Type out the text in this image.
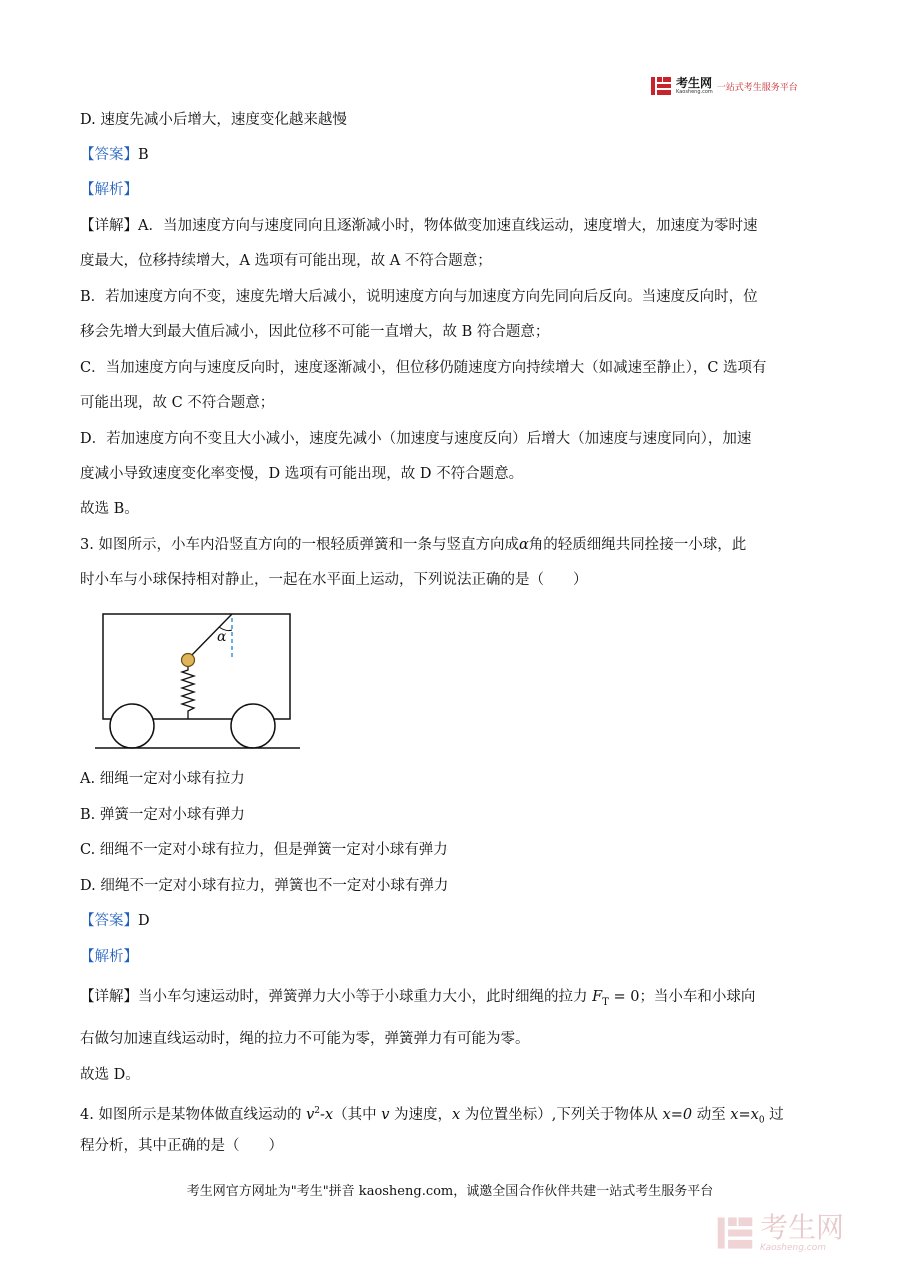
考生网
Kaosheng.com 一站式考生服务平台
D. 速度先减小后增大，速度变化越来越慢
【答案】B
【解析】
【详解】A．当加速度方向与速度同向且逐渐减小时，物体做变加速直线运动，速度增大，加速度为零时速
度最大，位移持续增大，A 选项有可能出现，故 A 不符合题意；
B．若加速度方向不变，速度先增大后减小，说明速度方向与加速度方向先同向后反向。当速度反向时，位
移会先增大到最大值后减小，因此位移不可能一直增大，故 B 符合题意；
C．当加速度方向与速度反向时，速度逐渐减小，但位移仍随速度方向持续增大（如减速至静止），C 选项有
可能出现，故 C 不符合题意；
D．若加速度方向不变且大小减小，速度先减小（加速度与速度反向）后增大（加速度与速度同向），加速
度减小导致速度变化率变慢，D 选项有可能出现，故 D 不符合题意。
故选 B。
3. 如图所示，小车内沿竖直方向的一根轻质弹簧和一条与竖直方向成α角的轻质细绳共同拴接一小球，此
时小车与小球保持相对静止，一起在水平面上运动，下列说法正确的是（　　）
α
A. 细绳一定对小球有拉力
B. 弹簧一定对小球有弹力
C. 细绳不一定对小球有拉力，但是弹簧一定对小球有弹力
D. 细绳不一定对小球有拉力，弹簧也不一定对小球有弹力
【答案】D
【解析】
【详解】当小车匀速运动时，弹簧弹力大小等于小球重力大小，此时细绳的拉力 $F_T = 0$；当小车和小球向
右做匀加速直线运动时，绳的拉力不可能为零，弹簧弹力有可能为零。
故选 D。
4. 如图所示是某物体做直线运动的 $v^2-x$（其中 v 为速度，x 为位置坐标）,下列关于物体从 x=0 动至 $x=x_0$ 过
程分析，其中正确的是（　　）
考生网官方网址为"考生"拼音 kaosheng.com，诚邀全国合作伙伴共建一站式考生服务平台
考生网
Kaosheng.com
